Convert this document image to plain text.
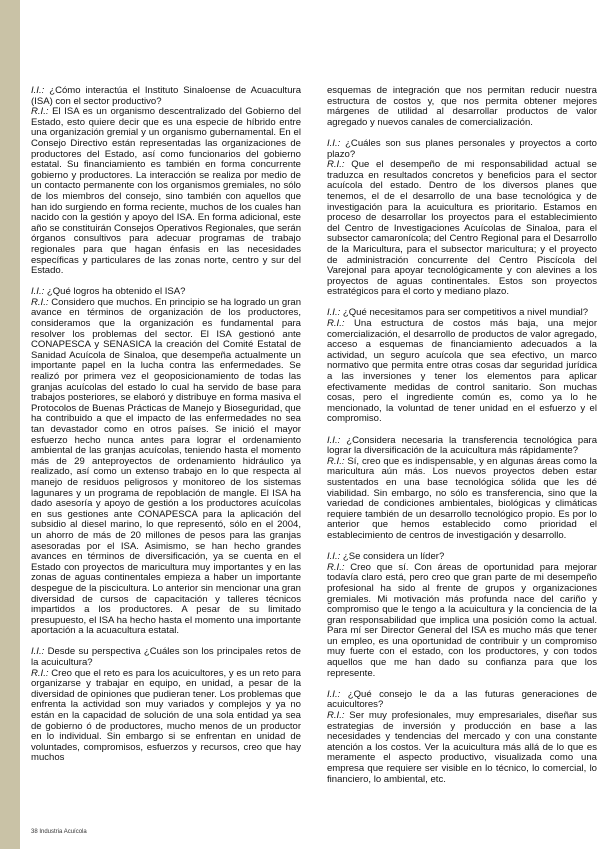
I.I.: ¿Cómo interactúa el Instituto Sinaloense de Acuacultura (ISA) con el sector productivo?

R.I.: El ISA es un organismo descentralizado del Gobierno del Estado, esto quiere decir que es una especie de híbrido entre una organización gremial y un organismo gubernamental. En el Consejo Directivo están representadas las organizaciones de productores del Estado, así como funcionarios del gobierno estatal. Su financiamiento es también en forma concurrente gobierno y productores. La interacción se realiza por medio de un contacto permanente con los organismos gremiales, no sólo de los miembros del consejo, sino también con aquellos que han ido surgiendo en forma reciente, muchos de los cuales han nacido con la gestión y apoyo del ISA. En forma adicional, este año se constituirán Consejos Operativos Regionales, que serán órganos consultivos para adecuar programas de trabajo regionales para que hagan énfasis en las necesidades específicas y particulares de las zonas norte, centro y sur del Estado.

I.I.: ¿Qué logros ha obtenido el ISA?

R.I.: Considero que muchos. En principio se ha logrado un gran avance en términos de organización de los productores, consideramos que la organización es fundamental para resolver los problemas del sector. El ISA gestionó ante CONAPESCA y SENASICA la creación del Comité Estatal de Sanidad Acuícola de Sinaloa, que desempeña actualmente un importante papel en la lucha contra las enfermedades. Se realizó por primera vez el geoposicionamiento de todas las granjas acuícolas del estado lo cual ha servido de base para trabajos posteriores, se elaboró y distribuye en forma masiva el Protocolos de Buenas Prácticas de Manejo y Bioseguridad, que ha contribuido a que el impacto de las enfermedades no sea tan devastador como en otros países. Se inició el mayor esfuerzo hecho nunca antes para lograr el ordenamiento ambiental de las granjas acuícolas, teniendo hasta el momento más de 29 anteproyectos de ordenamiento hidráulico ya realizado, así como un extenso trabajo en lo que respecta al manejo de residuos peligrosos y monitoreo de los sistemas lagunares y un programa de repoblación de mangle. El ISA ha dado asesoría y apoyo de gestión a los productores acuícolas en sus gestiones ante CONAPESCA para la aplicación del subsidio al diesel marino, lo que representó, sólo en el 2004, un ahorro de más de 20 millones de pesos para las granjas asesoradas por el ISA. Asimismo, se han hecho grandes avances en términos de diversificación, ya se cuenta en el Estado con proyectos de maricultura muy importantes y en las zonas de aguas continentales empieza a haber un importante despegue de la piscicultura. Lo anterior sin mencionar una gran diversidad de cursos de capacitación y talleres técnicos impartidos a los productores. A pesar de su limitado presupuesto, el ISA ha hecho hasta el momento una importante aportación a la acuacultura estatal.

I.I.: Desde su perspectiva ¿Cuáles son los principales retos de la acuicultura?

R.I.: Creo que el reto es para los acuicultores, y es un reto para organizarse y trabajar en equipo, en unidad, a pesar de la diversidad de opiniones que pudieran tener. Los problemas que enfrenta la actividad son muy variados y complejos y ya no están en la capacidad de solución de una sola entidad ya sea de gobierno ó de productores, mucho menos de un productor en lo individual. Sin embargo si se enfrentan en unidad de voluntades, compromisos, esfuerzos y recursos, creo que hay muchos

esquemas de integración que nos permitan reducir nuestra estructura de costos y, que nos permita obtener mejores márgenes de utilidad al desarrollar productos de valor agregado y nuevos canales de comercialización.

I.I.: ¿Cuáles son sus planes personales y proyectos a corto plazo?

R.I.: Que el desempeño de mi responsabilidad actual se traduzca en resultados concretos y beneficios para el sector acuícola del estado. Dentro de los diversos planes que tenemos, el de el desarrollo de una base tecnológica y de investigación para la acuicultura es prioritario. Estamos en proceso de desarrollar los proyectos para el establecimiento del Centro de Investigaciones Acuícolas de Sinaloa, para el subsector camaronícola; del Centro Regional para el Desarrollo de la Maricultura, para el subsector maricultura; y el proyecto de administración concurrente del Centro Piscícola del Varejonal para apoyar tecnológicamente y con alevines a los proyectos de aguas continentales. Estos son proyectos estratégicos para el corto y mediano plazo.

I.I.: ¿Qué necesitamos para ser competitivos a nivel mundial?

R.I.: Una estructura de costos más baja, una mejor comercialización, el desarrollo de productos de valor agregado, acceso a esquemas de financiamiento adecuados a la actividad, un seguro acuícola que sea efectivo, un marco normativo que permita entre otras cosas dar seguridad jurídica a las inversiones y tener los elementos para aplicar efectivamente medidas de control sanitario. Son muchas cosas, pero el ingrediente común es, como ya lo he mencionado, la voluntad de tener unidad en el esfuerzo y el compromiso.

I.I.: ¿Considera necesaria la transferencia tecnológica para lograr la diversificación de la acuicultura más rápidamente?

R.I.: Sí, creo que es indispensable, y en algunas áreas como la maricultura aún más. Los nuevos proyectos deben estar sustentados en una base tecnológica sólida que les dé viabilidad. Sin embargo, no sólo es transferencia, sino que la variedad de condiciones ambientales, biológicas y climáticas requiere también de un desarrollo tecnológico propio. Es por lo anterior que hemos establecido como prioridad el establecimiento de centros de investigación y desarrollo.

I.I.: ¿Se considera un líder?

R.I.: Creo que sí. Con áreas de oportunidad para mejorar todavía claro está, pero creo que gran parte de mi desempeño profesional ha sido al frente de grupos y organizaciones gremiales. Mi motivación más profunda nace del cariño y compromiso que le tengo a la acuicultura y la conciencia de la gran responsabilidad que implica una posición como la actual. Para mí ser Director General del ISA es mucho más que tener un empleo, es una oportunidad de contribuir y un compromiso muy fuerte con el estado, con los productores, y con todos aquellos que me han dado su confianza para que los represente.

I.I.: ¿Qué consejo le da a las futuras generaciones de acuicultores?

R.I.: Ser muy profesionales, muy empresariales, diseñar sus estrategias de inversión y producción en base a las necesidades y tendencias del mercado y con una constante atención a los costos. Ver la acuicultura más allá de lo que es meramente el aspecto productivo, visualizada como una empresa que requiere ser visible en lo técnico, lo comercial, lo financiero, lo ambiental, etc.

38 Industria Acuícola
